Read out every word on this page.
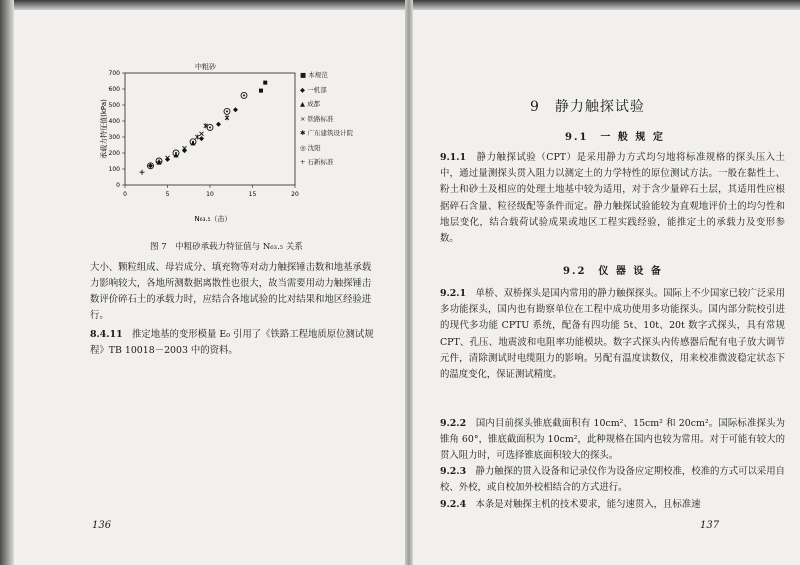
中粗砂
0
100
200
300
400
500
600
700
0	5	10	15	20
承载力特征值(kPa)
N₆₃.₅（击）
■ 本规范
◆ 一机部
▲ 成都
× 铁路标准
✱ 广东建筑设计院
◎ 沈阳
+ 石新标准
图 7　中粗砂承载力特征值与 N₆₃.₅ 关系
大小、颗粒组成、母岩成分、填充物等对动力触探锤击数和地基承载力影响较大，各地所测数据离散性也很大，故当需要用动力触探锤击数评价碎石土的承载力时，应结合各地试验的比对结果和地区经验进行。
8.4.11　 推定地基的变形模量 E₀ 引用了《铁路工程地质原位测试规程》TB 10018－2003 中的资料。
136
9　静力触探试验
9.1　一 般 规 定
9.1.1　 静力触探试验（CPT）是采用静力方式均匀地将标准规格的探头压入土中，通过量测探头贯入阻力以测定土的力学特性的原位测试方法。一般在黏性土、粉土和砂土及相应的处理土地基中较为适用，对于含少量碎石土层，其适用性应根据碎石含量、粒径级配等条件而定。静力触探试验能较为直观地评价土的均匀性和地层变化，结合载荷试验成果或地区工程实践经验，能推定土的承载力及变形参数。
9.2　仪 器 设 备
9.2.1　 单桥、双桥探头是国内常用的静力触探探头。国际上不少国家已较广泛采用多功能探头，国内也有勘察单位在工程中成功使用多功能探头。国内部分院校引进的现代多功能 CPTU 系统，配备有四功能 5t、10t、20t 数字式探头，具有常规 CPT、孔压、地震波和电阻率功能模块。数字式探头内传感器后配有电子放大调节元件，清除测试时电缆阻力的影响。另配有温度读数仪，用来校准微波稳定状态下的温度变化，保证测试精度。
9.2.2　 国内目前探头锥底截面积有 10cm²、15cm² 和 20cm²。国际标准探头为锥角 60°，锥底截面积为 10cm²，此种规格在国内也较为常用。对于可能有较大的贯入阻力时，可选择锥底面积较大的探头。
9.2.3　 静力触探的贯入设备和记录仪作为设备应定期校准，校准的方式可以采用自校、外校，或自校加外校相结合的方式进行。
9.2.4　 本条是对触探主机的技术要求，能匀速贯入，且标准速
137
